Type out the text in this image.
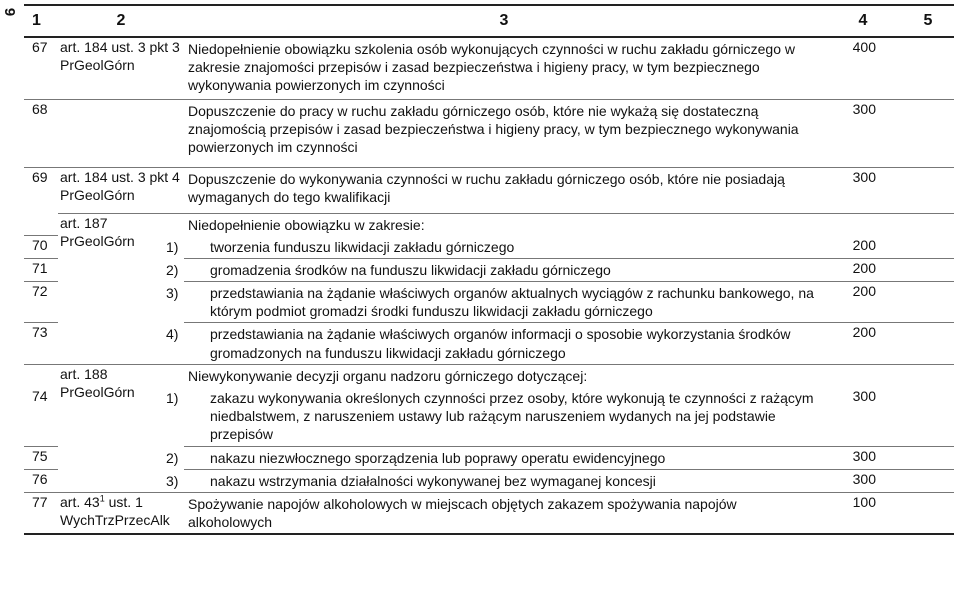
9 1	2	3	4	5
67	art. 184 ust. 3 pkt 3
PrGeolGórn	Niedopełnienie obowiązku szkolenia osób wykonujących czynności w ruchu zakładu górniczego w zakresie znajomości przepisów i zasad bezpieczeństwa i higieny pracy, w tym bezpiecznego wykonywania powierzonych im czynności	400	
68		Dopuszczenie do pracy w ruchu zakładu górniczego osób, które nie wykażą się dostateczną znajomością przepisów i zasad bezpieczeństwa i higieny pracy, w tym bezpiecznego wykonywania powierzonych im czynności	300	
69	art. 184 ust. 3 pkt 4
PrGeolGórn	Dopuszczenie do wykonywania czynności w ruchu zakładu górniczego osób, które nie posiadają wymaganych do tego kwalifikacji	300	
	art. 187
PrGeolGórn	Niedopełnienie obowiązku w zakresie:		
70		1) tworzenia funduszu likwidacji zakładu górniczego	200	
71		2) gromadzenia środków na funduszu likwidacji zakładu górniczego	200	
72		3) przedstawiania na żądanie właściwych organów aktualnych wyciągów z rachunku bankowego, na którym podmiot gromadzi środki funduszu likwidacji zakładu górniczego	200	
73		4) przedstawiania na żądanie właściwych organów informacji o sposobie wykorzystania środków gromadzonych na funduszu likwidacji zakładu górniczego	200	
	art. 188
PrGeolGórn	Niewykonywanie decyzji organu nadzoru górniczego dotyczącej:		
74		1) zakazu wykonywania określonych czynności przez osoby, które wykonują te czynności z rażącym niedbalstwem, z naruszeniem ustawy lub rażącym naruszeniem wydanych na jej podstawie przepisów	300	
75		2) nakazu niezwłocznego sporządzenia lub poprawy operatu ewidencyjnego	300	
76		3) nakazu wstrzymania działalności wykonywanej bez wymaganej koncesji	300	
77	art. $43^1$ ust. 1
WychTrzPrzecAlk	Spożywanie napojów alkoholowych w miejscach objętych zakazem spożywania napojów alkoholowych	100	
